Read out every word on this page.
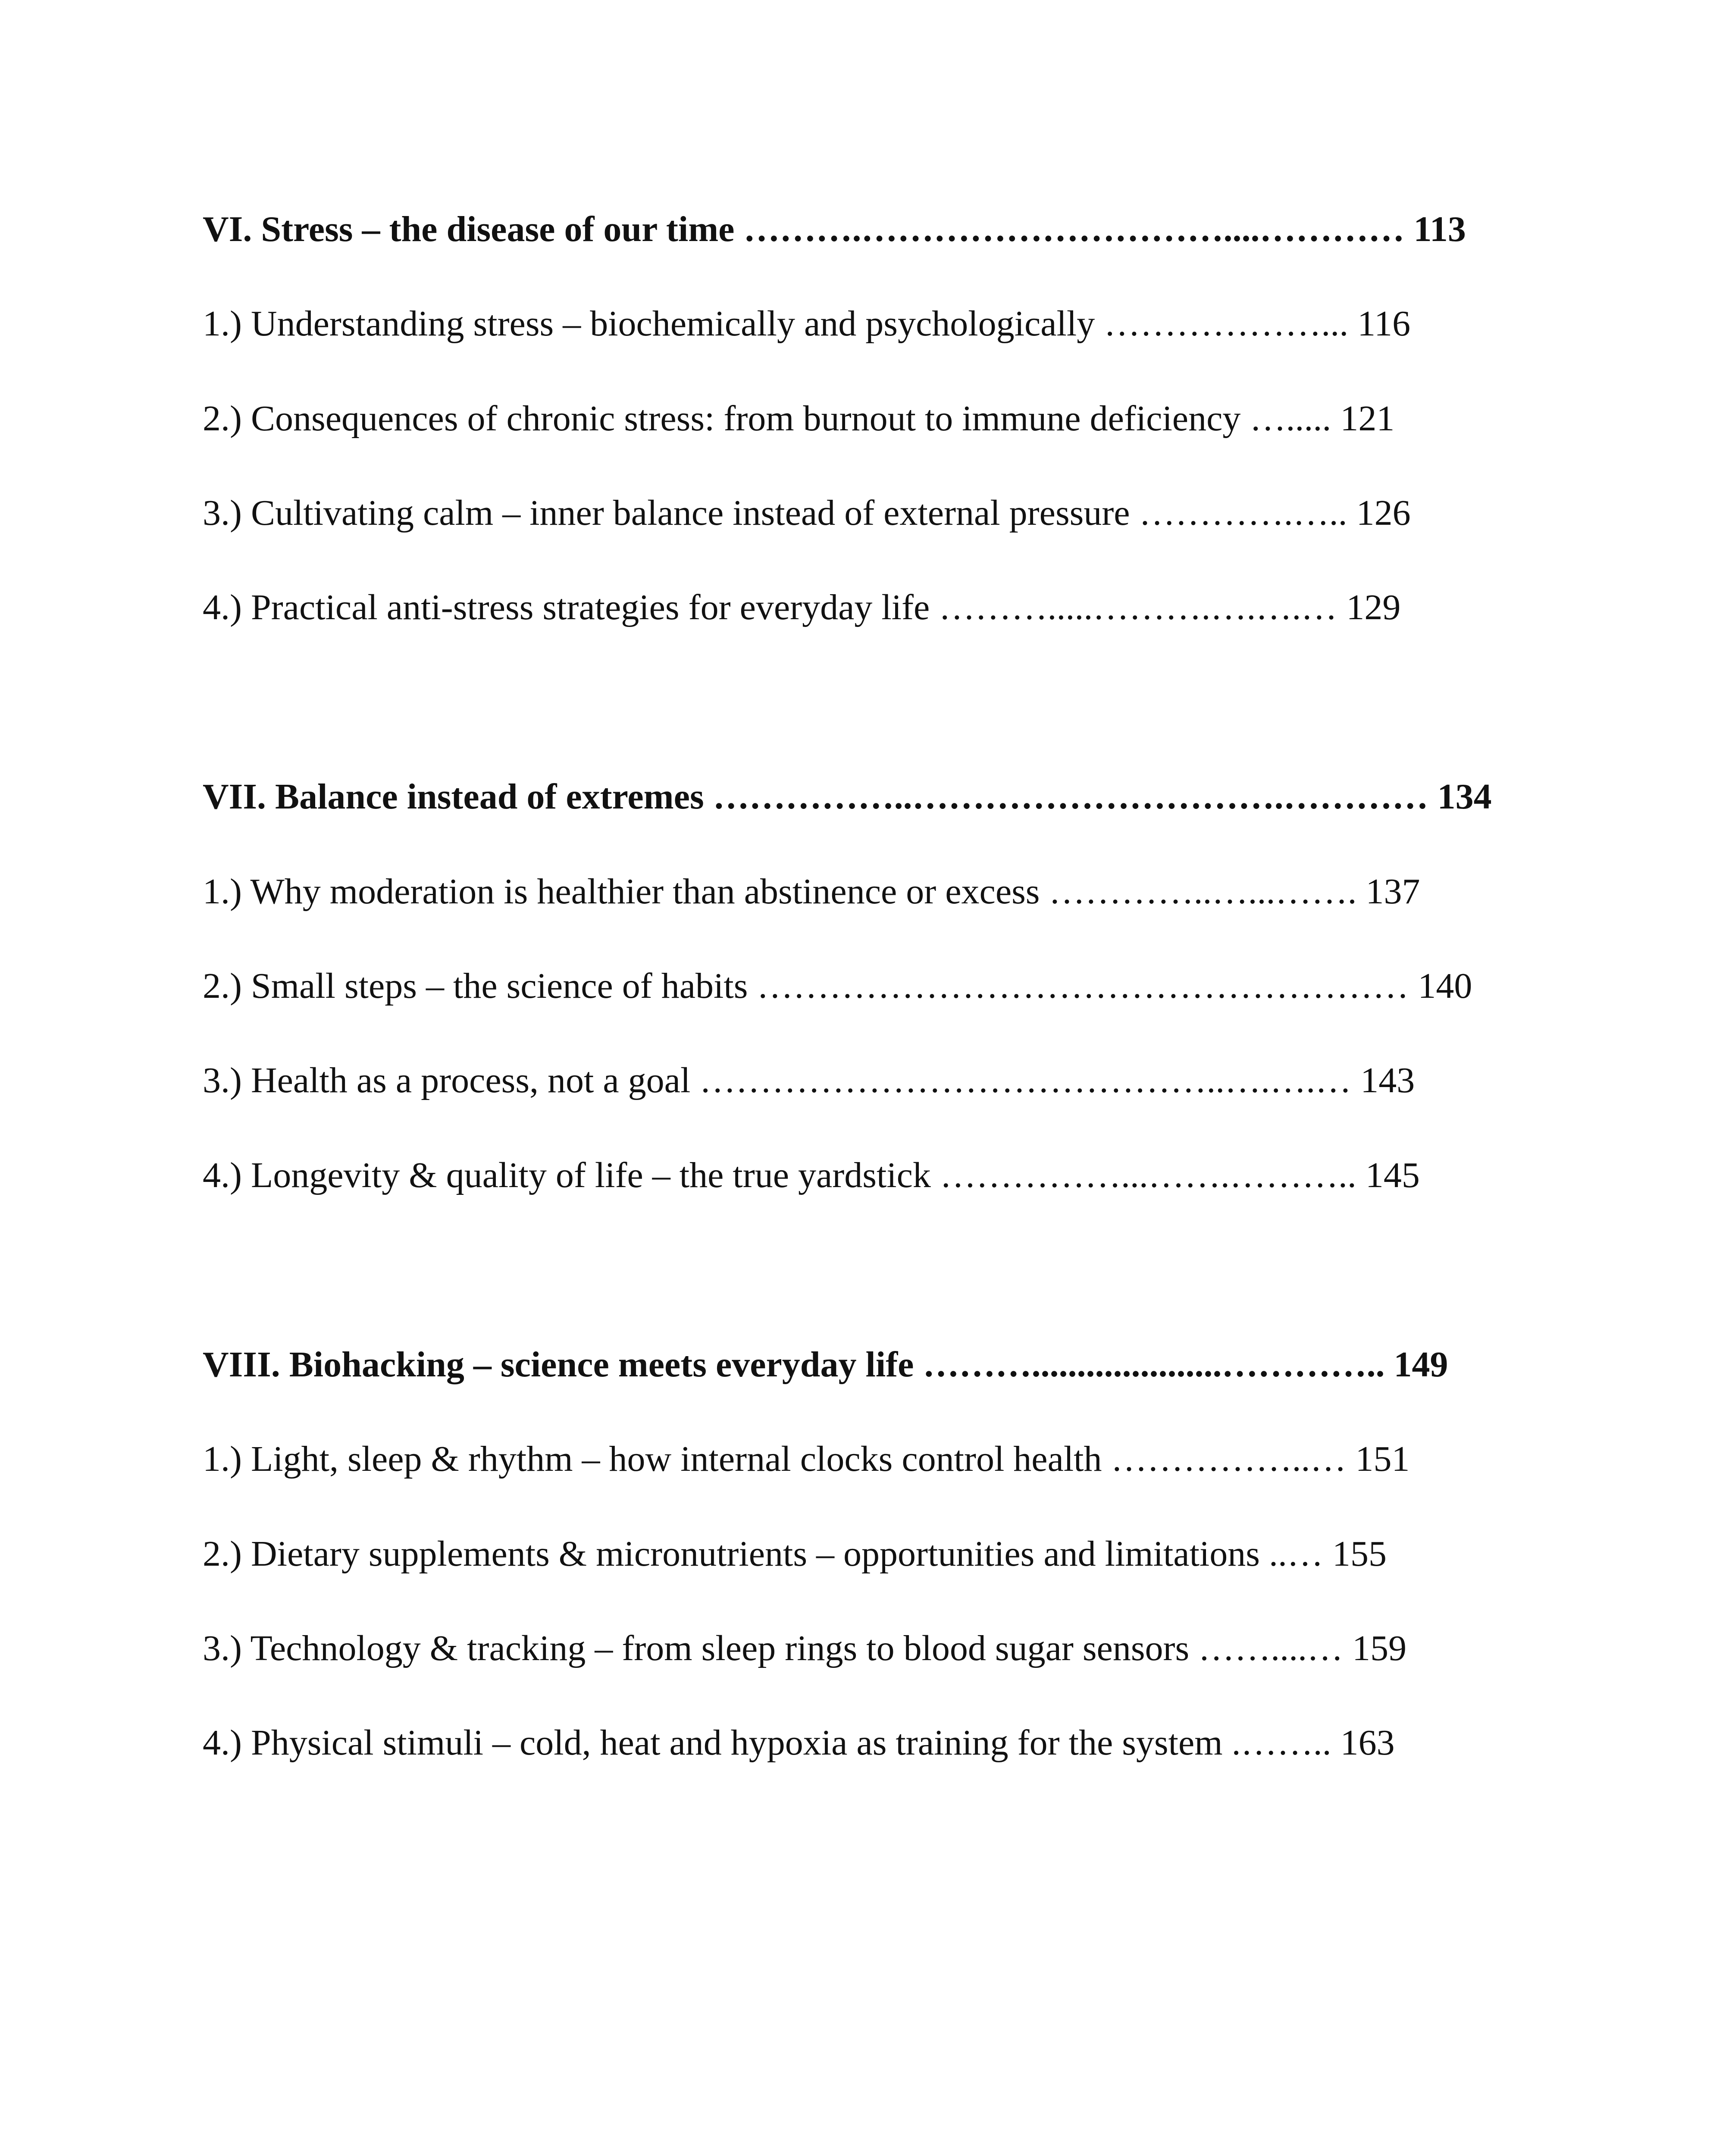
VI. Stress – the disease of our time ……….…………………………....………… 113
1.) Understanding stress – biochemically and psychologically ………………... 116
2.) Consequences of chronic stress: from burnout to immune deficiency …..... 121
3.) Cultivating calm – inner balance instead of external pressure ………….….. 126
4.) Practical anti-stress strategies for everyday life ……….....……….….….… 129
VII. Balance instead of extremes ……………..………………………….………… 134
1.) Why moderation is healthier than abstinence or excess …………..…...……. 137
2.) Small steps – the science of habits ……………………………………………… 140
3.) Health as a process, not a goal ……………………………………..….….… 143
4.) Longevity & quality of life – the true yardstick ……………...…….……….. 145
VIII. Biohacking – science meets everyday life ……….....................………….. 149
1.) Light, sleep & rhythm – how internal clocks control health ……………..… 151
2.) Dietary supplements & micronutrients – opportunities and limitations ..… 155
3.) Technology & tracking – from sleep rings to blood sugar sensors ……....… 159
4.) Physical stimuli – cold, heat and hypoxia as training for the system .…….. 163
